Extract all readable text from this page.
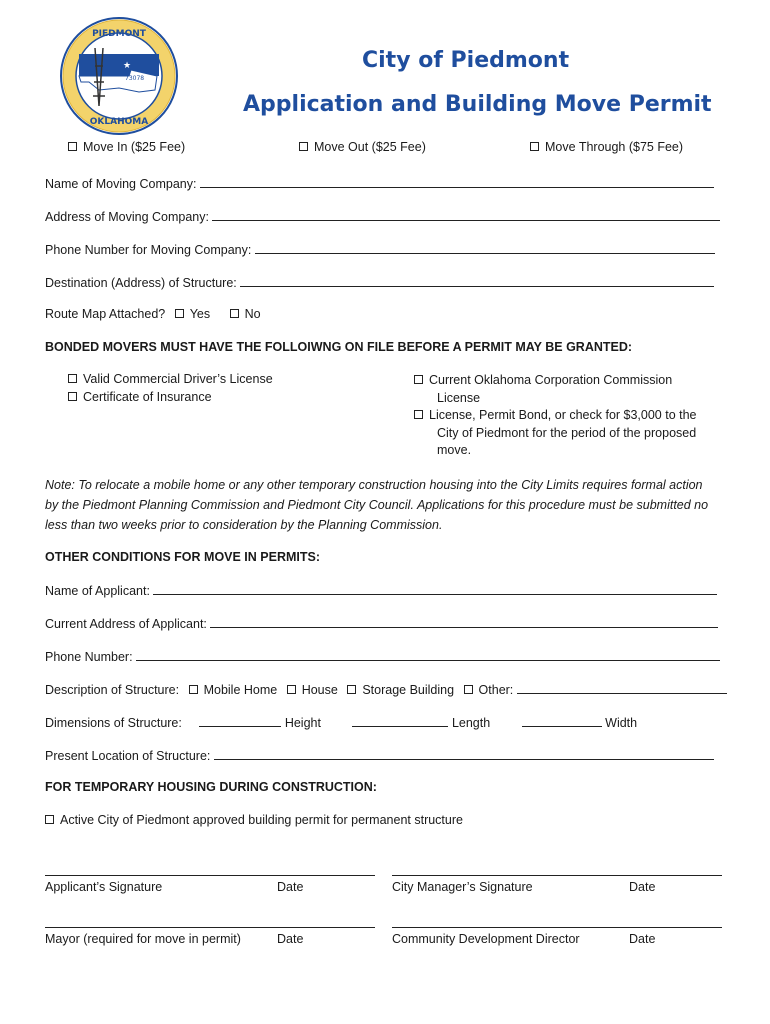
★
PIEDMONT
OKLAHOMA
73078
City of Piedmont
Application and Building Move Permit
Move In ($25 Fee)	Move Out ($25 Fee)	Move Through ($75 Fee)
Name of Moving Company:
Address of Moving Company:
Phone Number for Moving Company:
Destination (Address) of Structure:
Route Map Attached? Yes	No
BONDED MOVERS MUST HAVE THE FOLLOIWNG ON FILE BEFORE A PERMIT MAY BE GRANTED:
Valid Commercial Driver’s License
Certificate of Insurance
Current Oklahoma Corporation Commission
License
License, Permit Bond, or check for $3,000 to the
City of Piedmont for the period of the proposed
move.
Note: To relocate a mobile home or any other temporary construction housing into the City Limits requires formal action
by the Piedmont Planning Commission and Piedmont City Council. Applications for this procedure must be submitted no
less than two weeks prior to consideration by the Planning Commission.
OTHER CONDITIONS FOR MOVE IN PERMITS:
Name of Applicant:
Current Address of Applicant:
Phone Number:
Description of Structure: Mobile Home House Storage Building Other:
Dimensions of Structure:	Height	Length	Width
Present Location of Structure:
FOR TEMPORARY HOUSING DURING CONSTRUCTION:
Active City of Piedmont approved building permit for permanent structure
Applicant’s Signature	Date	City Manager’s Signature	Date
Mayor (required for move in permit)	Date	Community Development Director	Date
